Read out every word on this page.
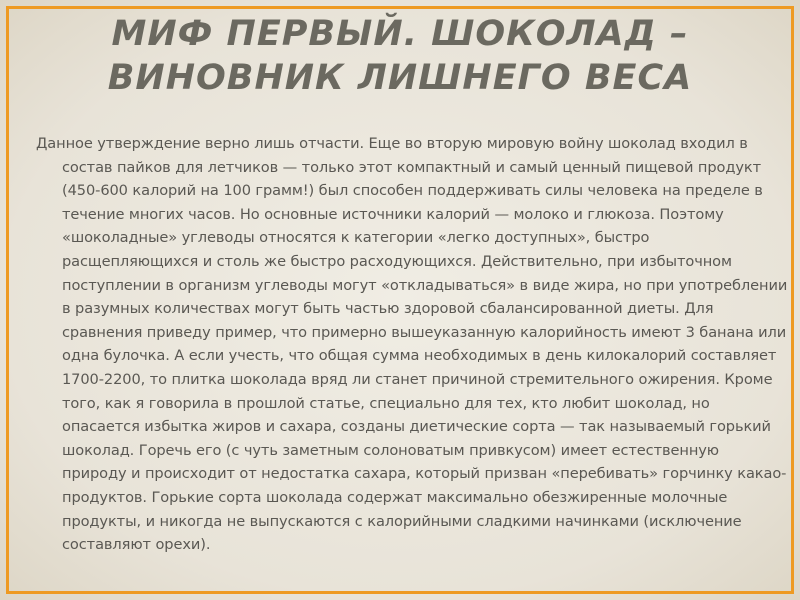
МИФ ПЕРВЫЙ. ШОКОЛАД – ВИНОВНИК ЛИШНЕГО ВЕСА

Данное утверждение верно лишь отчасти. Еще во вторую мировую войну шоколад входил в состав пайков для летчиков — только этот компактный и самый ценный пищевой продукт (450-600 калорий на 100 грамм!) был способен поддерживать силы человека на пределе в течение многих часов. Но основные источники калорий — молоко и глюкоза. Поэтому «шоколадные» углеводы относятся к категории «легко доступных», быстро расщепляющихся и столь же быстро расходующихся. Действительно, при избыточном поступлении в организм углеводы могут «откладываться» в виде жира, но при употреблении в разумных количествах могут быть частью здоровой сбалансированной диеты. Для сравнения приведу пример, что примерно вышеуказанную калорийность имеют 3 банана или одна булочка. А если учесть, что общая сумма необходимых в день килокалорий составляет 1700-2200, то плитка шоколада вряд ли станет причиной стремительного ожирения. Кроме того, как я говорила в прошлой статье, специально для тех, кто любит шоколад, но опасается избытка жиров и сахара, созданы диетические сорта — так называемый горький шоколад. Горечь его (с чуть заметным солоноватым привкусом) имеет естественную природу и происходит от недостатка сахара, который призван «перебивать» горчинку какао-продуктов. Горькие сорта шоколада содержат максимально обезжиренные молочные продукты, и никогда не выпускаются с калорийными сладкими начинками (исключение составляют орехи).
